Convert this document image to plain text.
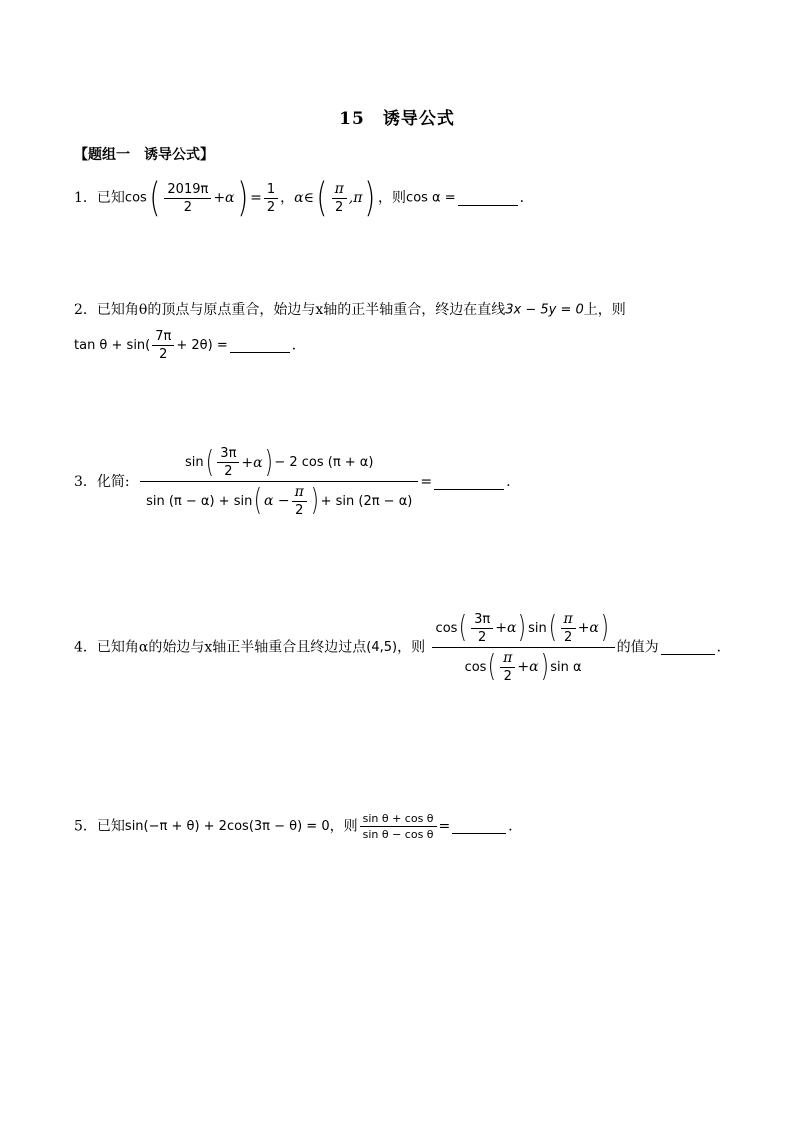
15　诱导公式
【题组一　诱导公式】
1．已知$\cos( \frac{2019\pi}{2} +\alpha) = \frac{1}{2}$ ，α∈( $\frac{\pi}{2} ,\pi$) ，则cos α =	．
2．已知角θ的顶点与原点重合，始边与x轴的正半轴重合，终边在直线3x − 5y = 0上，则
$\tan \theta + \sin( \frac{7\pi}{2} + 2\theta)$ =	．
3．化简: $\frac{\sin( \frac{3\pi}{2} +\alpha) - 2 \cos (\pi + \alpha)}{\sin (\pi - \alpha) + \sin( \alpha - \frac{\pi}{2} ) + \sin (2\pi - \alpha)}$ =	.
4．已知角α的始边与x轴正半轴重合且终边过点(4,5)，则 $\frac{\cos( \frac{3\pi}{2} +\alpha) \sin( \frac{\pi}{2} +\alpha)}{\cos( \frac{\pi}{2} +\alpha) \sin \alpha}$ 的值为	．
5．已知sin(−π + θ) + 2cos(3π − θ) = 0，则 $\frac{\text{sin θ + cos θ}}{\text{sin θ − cos θ}}$ =	．
